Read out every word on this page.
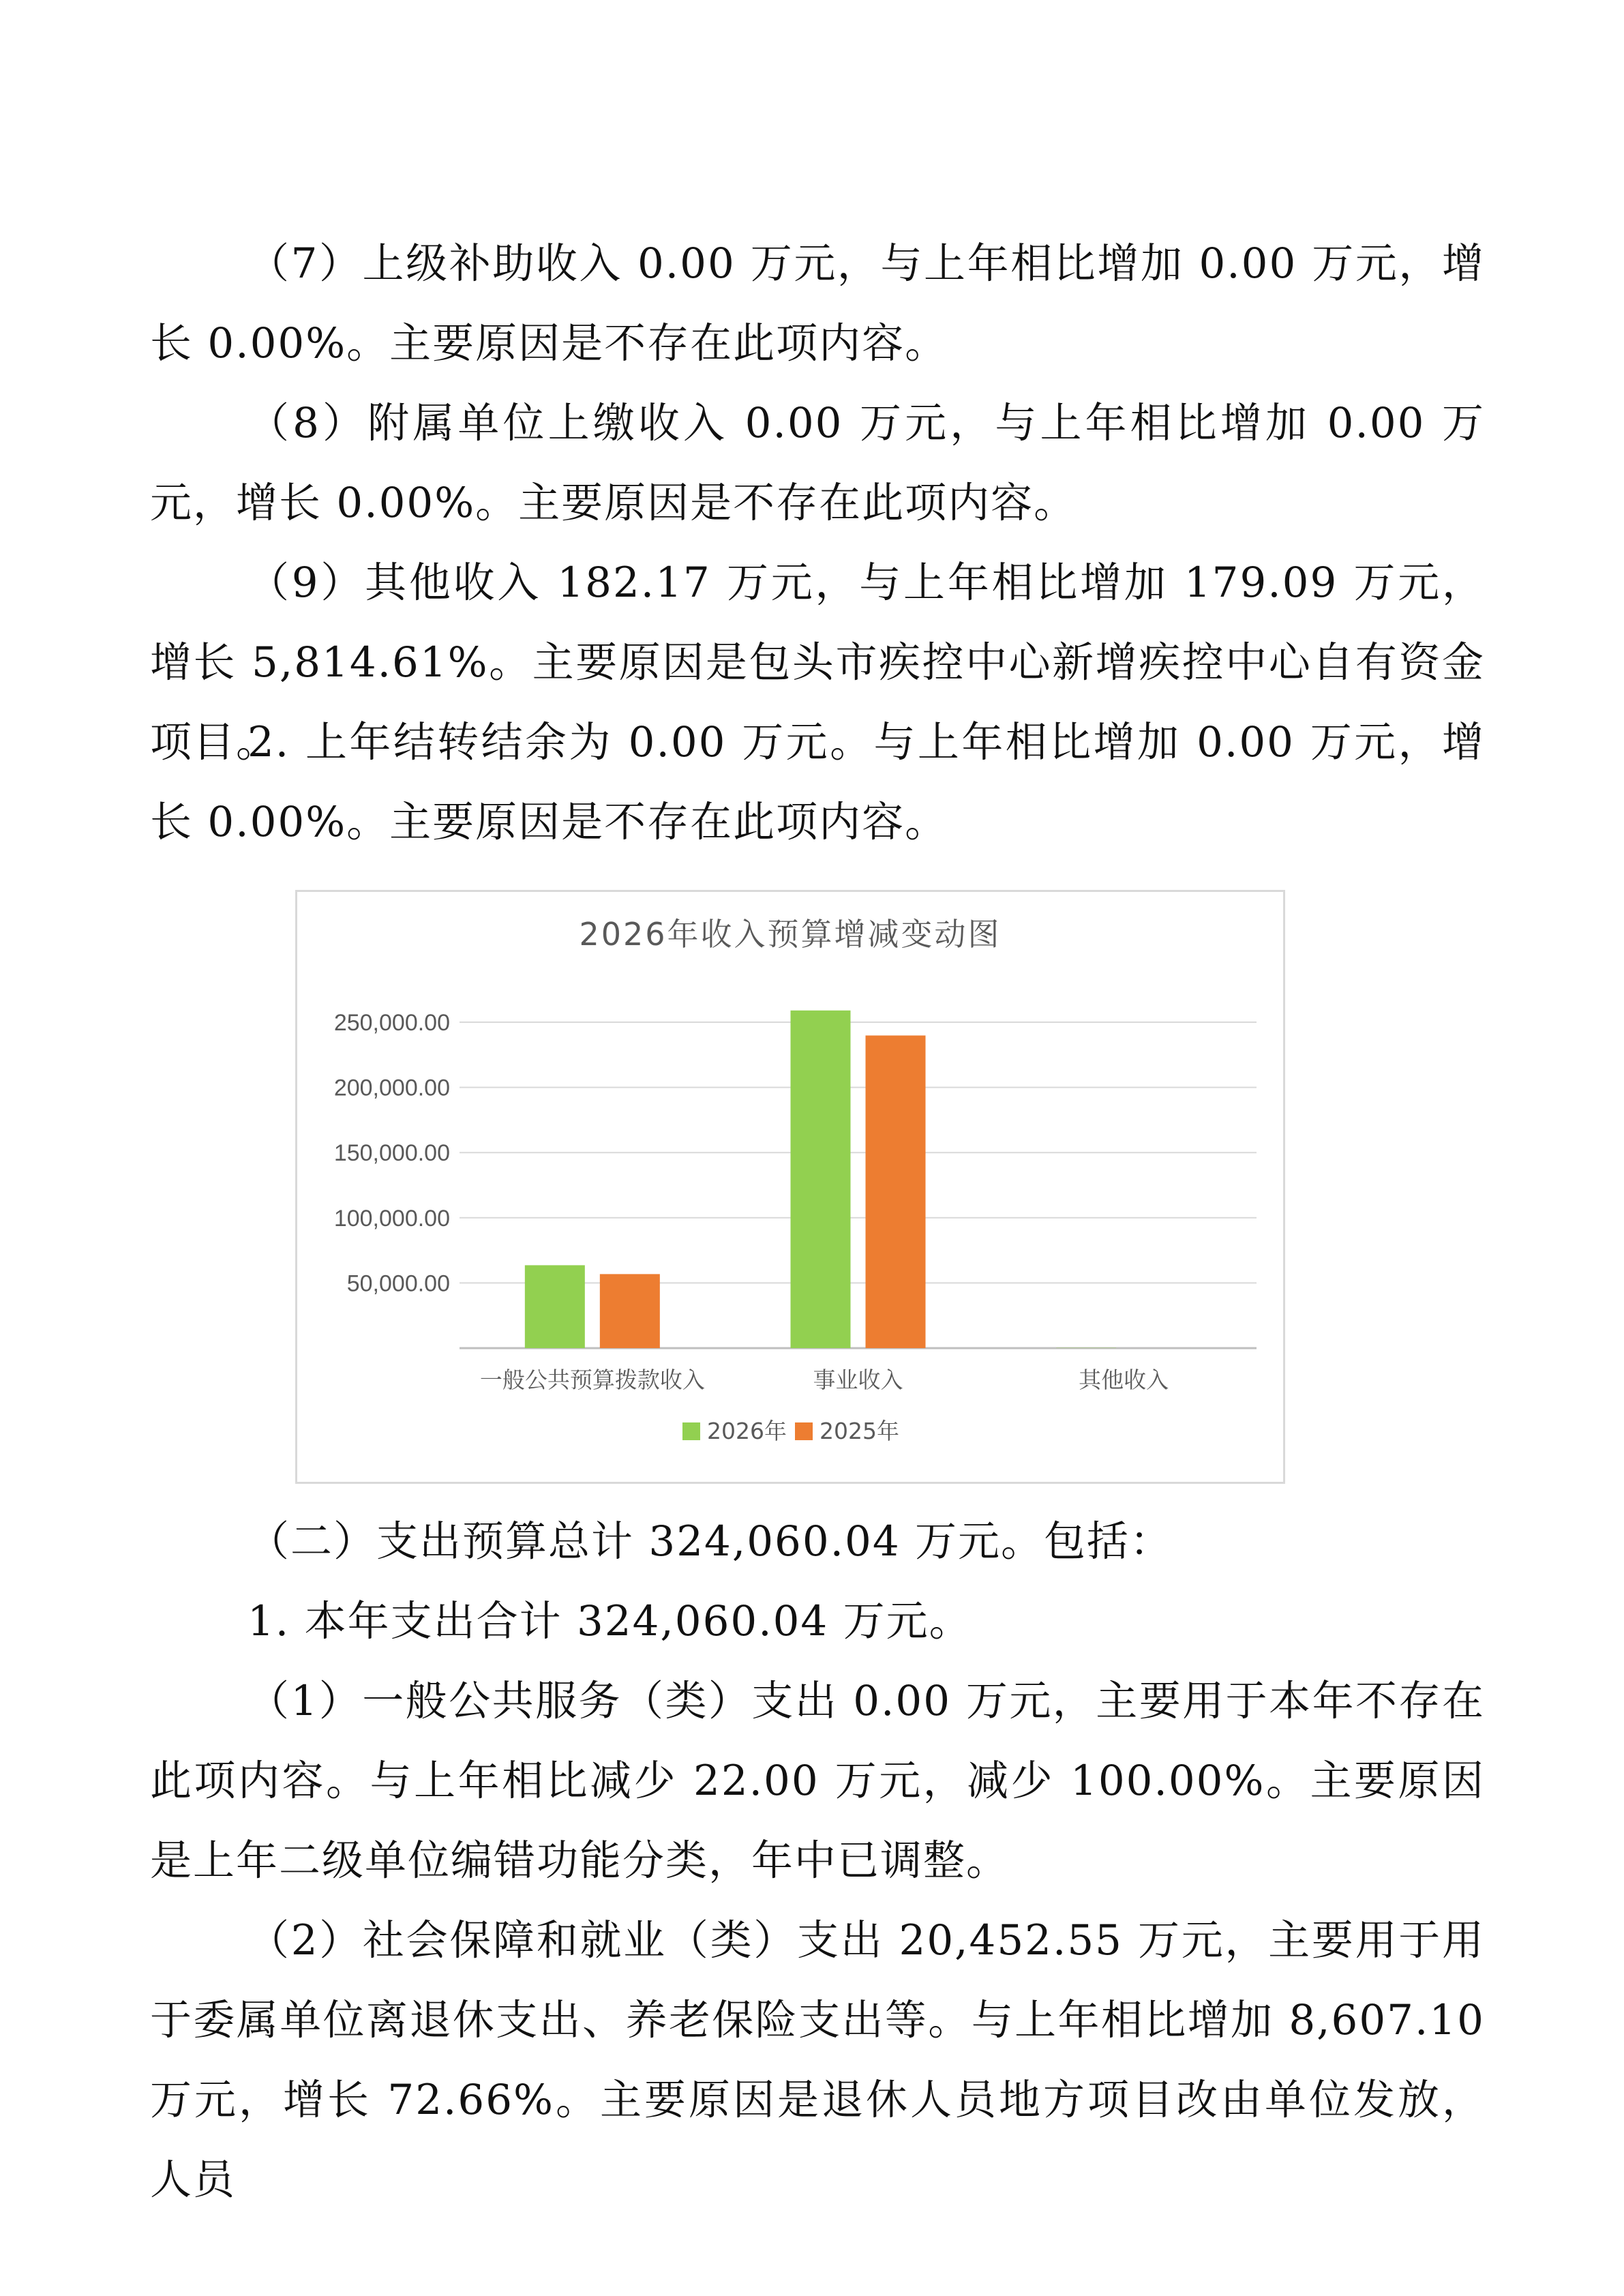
（7）上级补助收入 0.00 万元，与上年相比增加 0.00 万元，增长 0.00%。主要原因是不存在此项内容。

（8）附属单位上缴收入 0.00 万元，与上年相比增加 0.00 万元，增长 0.00%。主要原因是不存在此项内容。

（9）其他收入 182.17 万元，与上年相比增加 179.09 万元，增长 5,814.61%。主要原因是包头市疾控中心新增疾控中心自有资金项目。

2. 上年结转结余为 0.00 万元。与上年相比增加 0.00 万元，增长 0.00%。主要原因是不存在此项内容。

2026年收入预算增减变动图
50,000.00
100,000.00
150,000.00
200,000.00
250,000.00
一般公共预算拨款收入	事业收入	其他收入
2026年 2025年

（二）支出预算总计 324,060.04 万元。包括：

1. 本年支出合计 324,060.04 万元。

（1）一般公共服务（类）支出 0.00 万元，主要用于本年不存在此项内容。与上年相比减少 22.00 万元，减少 100.00%。主要原因是上年二级单位编错功能分类，年中已调整。

（2）社会保障和就业（类）支出 20,452.55 万元，主要用于用于委属单位离退休支出、养老保险支出等。与上年相比增加 8,607.10 万元，增长 72.66%。主要原因是退休人员地方项目改由单位发放，人员
